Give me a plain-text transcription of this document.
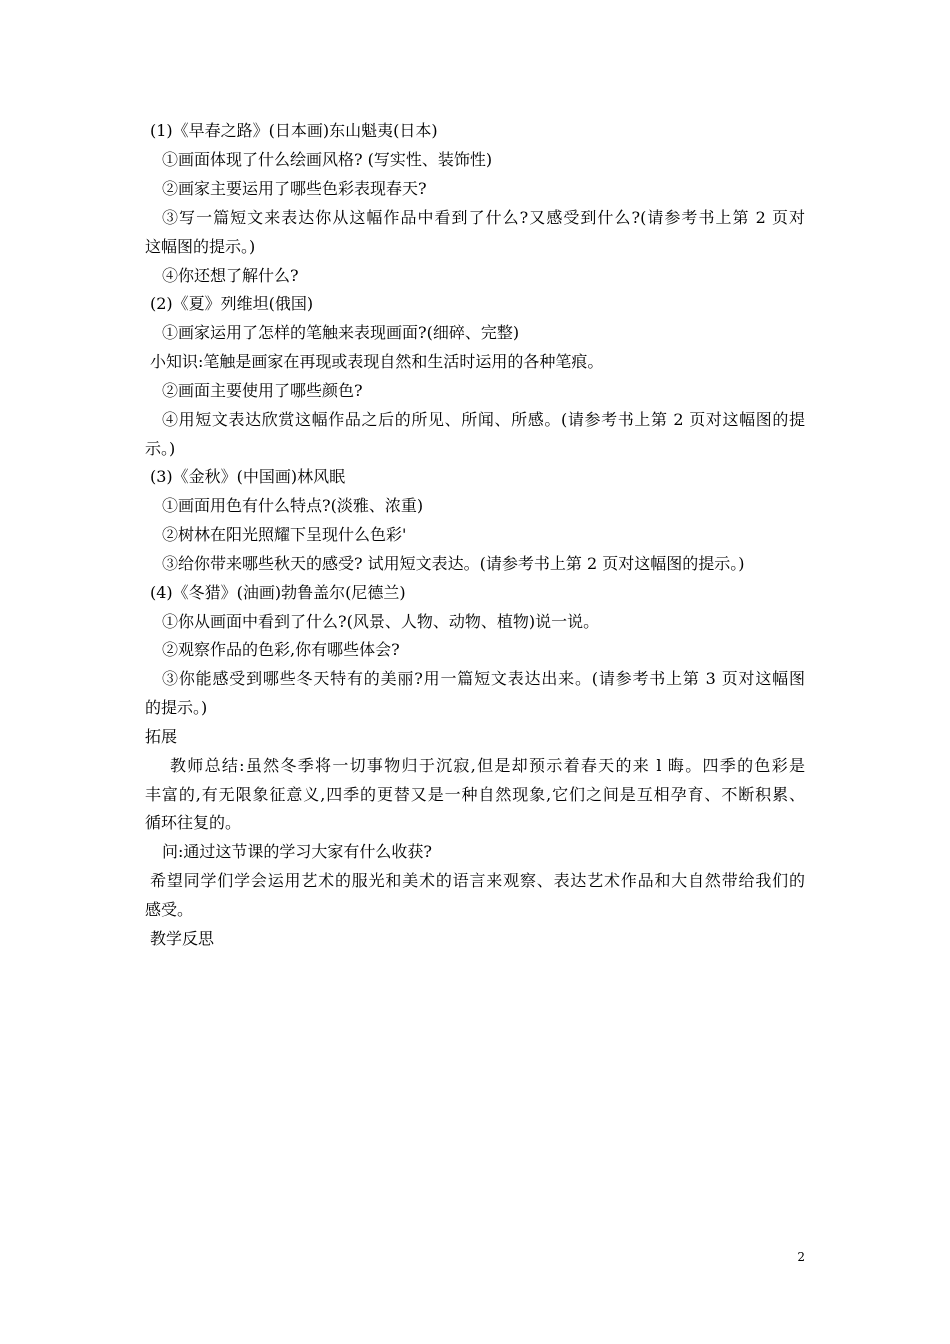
(1)《早春之路》(日本画)东山魁夷(日本)
①画面体现了什么绘画风格? (写实性、装饰性)
②画家主要运用了哪些色彩表现春天?
③写一篇短文来表达你从这幅作品中看到了什么?又感受到什么?(请参考书上第 2 页对
这幅图的提示。)
④你还想了解什么?
(2)《夏》列维坦(俄国)
①画家运用了怎样的笔触来表现画面?(细碎、完整)
小知识:笔触是画家在再现或表现自然和生活时运用的各种笔痕。
②画面主要使用了哪些颜色?
④用短文表达欣赏这幅作品之后的所见、所闻、所感。(请参考书上第 2 页对这幅图的提
示。)
(3)《金秋》(中国画)林风眠
①画面用色有什么特点?(淡雅、浓重)
②树林在阳光照耀下呈现什么色彩'
③给你带来哪些秋天的感受? 试用短文表达。(请参考书上第 2 页对这幅图的提示。)
(4)《冬猎》(油画)勃鲁盖尔(尼德兰)
①你从画面中看到了什么?(风景、人物、动物、植物)说一说。
②观察作品的色彩,你有哪些体会?
③你能感受到哪些冬天特有的美丽?用一篇短文表达出来。(请参考书上第 3 页对这幅图
的提示。)
拓展
教师总结:虽然冬季将一切事物归于沉寂,但是却预示着春天的来 l 晦。四季的色彩是
丰富的,有无限象征意义,四季的更替又是一种自然现象,它们之间是互相孕育、不断积累、
循环往复的。
问:通过这节课的学习大家有什么收获?
希望同学们学会运用艺术的服光和美术的语言来观察、表达艺术作品和大自然带给我们的
感受。
教学反思
2
